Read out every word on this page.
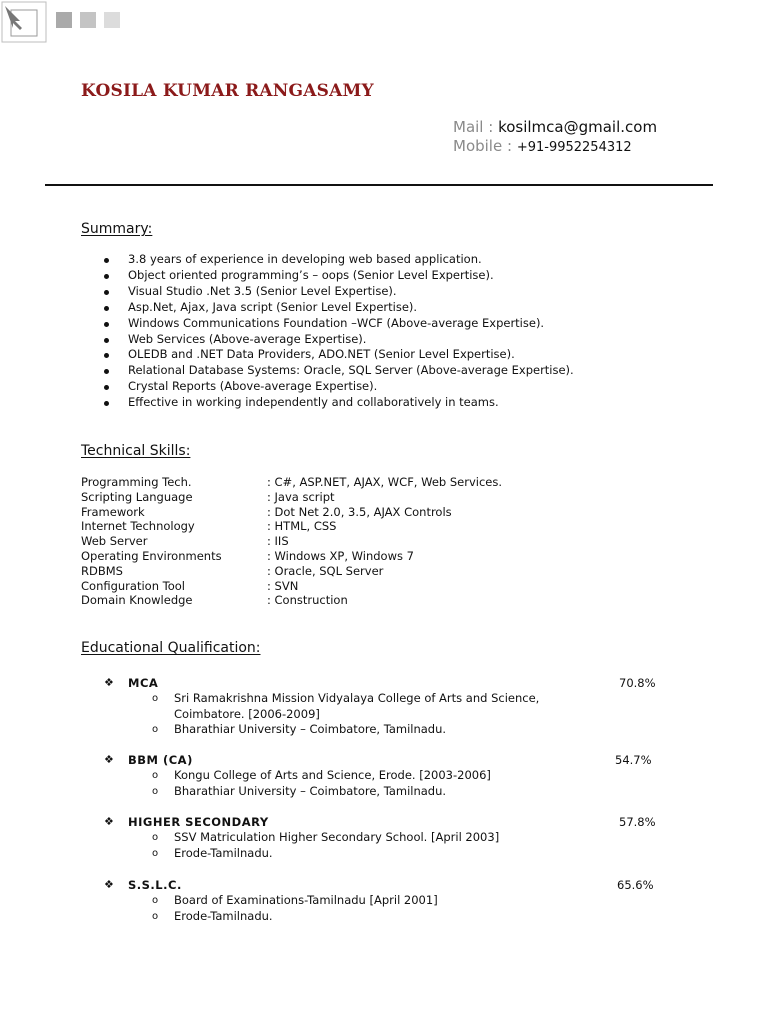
KOSILA KUMAR RANGASAMY
Mail : kosilmca@gmail.com
Mobile : +91-9952254312
Summary:
3.8 years of experience in developing web based application.
Object oriented programming’s – oops (Senior Level Expertise).
Visual Studio .Net 3.5 (Senior Level Expertise).
Asp.Net, Ajax, Java script (Senior Level Expertise).
Windows Communications Foundation –WCF (Above-average Expertise).
Web Services (Above-average Expertise).
OLEDB and .NET Data Providers, ADO.NET (Senior Level Expertise).
Relational Database Systems: Oracle, SQL Server (Above-average Expertise).
Crystal Reports (Above-average Expertise).
Effective in working independently and collaboratively in teams.
Technical Skills:
Programming Tech.	: C#, ASP.NET, AJAX, WCF, Web Services.
Scripting Language	: Java script
Framework	: Dot Net 2.0, 3.5, AJAX Controls
Internet Technology	: HTML, CSS
Web Server	: IIS
Operating Environments	: Windows XP, Windows 7
RDBMS	: Oracle, SQL Server
Configuration Tool	: SVN
Domain Knowledge	: Construction
Educational Qualification:
❖ MCA	70.8%
o Sri Ramakrishna Mission Vidyalaya College of Arts and Science,
Coimbatore. [2006-2009]
o Bharathiar University – Coimbatore, Tamilnadu.
❖ BBM (CA)	54.7%
o Kongu College of Arts and Science, Erode. [2003-2006]
o Bharathiar University – Coimbatore, Tamilnadu.
❖ HIGHER SECONDARY	57.8%
o SSV Matriculation Higher Secondary School. [April 2003]
o Erode-Tamilnadu.
❖ S.S.L.C.	65.6%
o Board of Examinations-Tamilnadu [April 2001]
o Erode-Tamilnadu.
